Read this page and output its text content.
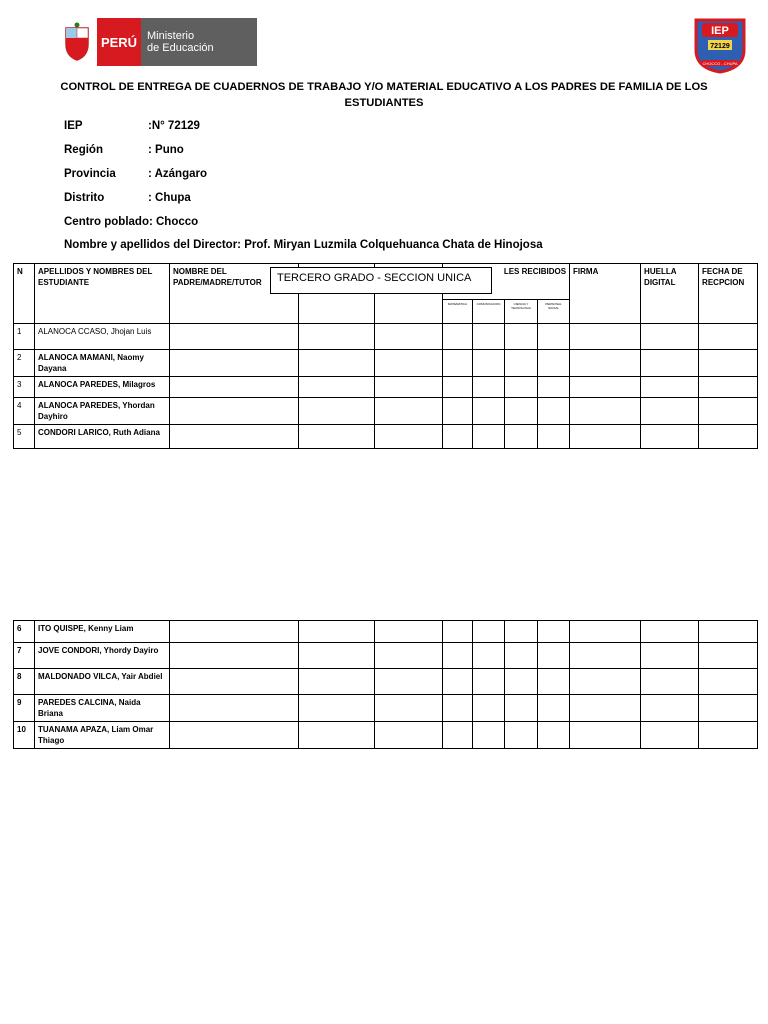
PERÚ Ministerio
de Educación
IEP
72129
CHOCCO - CHUPA
CONTROL DE ENTREGA DE CUADERNOS DE TRABAJO Y/O MATERIAL EDUCATIVO A LOS PADRES DE FAMILIA DE LOS ESTUDIANTES
IEP	:N° 72129
Región	: Puno
Provincia	: Azángaro
Distrito	: Chupa
Centro poblado: Chocco
Nombre y apellidos del Director: Prof. Miryan Luzmila Colquehuanca Chata de Hinojosa
N	APELLIDOS Y NOMBRES DEL ESTUDIANTE	NOMBRE DEL PADRE/MADRE/TUTOR			LES RECIBIDOS				FIRMA	HUELLA DIGITAL	FECHA DE RECPCION
					MATEMATICA	COMUNICACION	CIENCIA Y TECNOLOGIA	PERSONAL SOCIAL			
1	ALANOCA CCASO, Jhojan Luis										
2	ALANOCA MAMANI, Naomy Dayana										
3	ALANOCA PAREDES, Milagros										
4	ALANOCA PAREDES, Yhordan Dayhiro										
5	CONDORI LARICO, Ruth Adiana										
TERCERO GRADO - SECCION UNICA
6	ITO QUISPE, Kenny Liam										
7	JOVE CONDORI, Yhordy Dayiro										
8	MALDONADO VILCA, Yair Abdiel										
9	PAREDES CALCINA, Naida Briana										
10	TUANAMA APAZA, Liam Omar Thiago										
